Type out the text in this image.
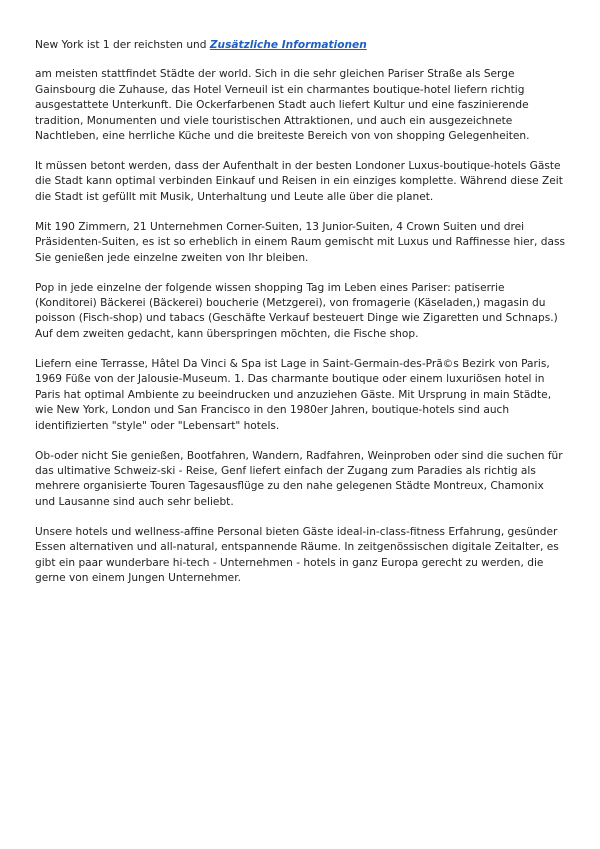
New York ist 1 der reichsten und Zusätzliche Informationen

am meisten stattfindet Städte der world. Sich in die sehr gleichen Pariser Straße als Serge Gainsbourg die Zuhause, das Hotel Verneuil ist ein charmantes boutique-hotel liefern richtig ausgestattete Unterkunft. Die Ockerfarbenen Stadt auch liefert Kultur und eine faszinierende tradition, Monumenten und viele touristischen Attraktionen, und auch ein ausgezeichnete Nachtleben, eine herrliche Küche und die breiteste Bereich von von shopping Gelegenheiten.

It müssen betont werden, dass der Aufenthalt in der besten Londoner Luxus-boutique-hotels Gäste die Stadt kann optimal verbinden Einkauf und Reisen in ein einziges komplette. Während diese Zeit die Stadt ist gefüllt mit Musik, Unterhaltung und Leute alle über die planet.

Mit 190 Zimmern, 21 Unternehmen Corner-Suiten, 13 Junior-Suiten, 4 Crown Suiten und drei Präsidenten-Suiten, es ist so erheblich in einem Raum gemischt mit Luxus und Raffinesse hier, dass Sie genießen jede einzelne zweiten von Ihr bleiben.

Pop in jede einzelne der folgende wissen shopping Tag im Leben eines Pariser: patiserrie (Konditorei) Bäckerei (Bäckerei) boucherie (Metzgerei), von fromagerie (Käseladen,) magasin du poisson (Fisch-shop) und tabacs (Geschäfte Verkauf besteuert Dinge wie Zigaretten und Schnaps.) Auf dem zweiten gedacht, kann überspringen möchten, die Fische shop.

Liefern eine Terrasse, Hâtel Da Vinci & Spa ist Lage in Saint-Germain-des-Prã©s Bezirk von Paris, 1969 Füße von der Jalousie-Museum. 1. Das charmante boutique oder einem luxuriösen hotel in Paris hat optimal Ambiente zu beeindrucken und anzuziehen Gäste. Mit Ursprung in main Städte, wie New York, London und San Francisco in den 1980er Jahren, boutique-hotels sind auch identifizierten "style" oder "Lebensart" hotels.

Ob-oder nicht Sie genießen, Bootfahren, Wandern, Radfahren, Weinproben oder sind die suchen für das ultimative Schweiz-ski - Reise, Genf liefert einfach der Zugang zum Paradies als richtig als mehrere organisierte Touren Tagesausflüge zu den nahe gelegenen Städte Montreux, Chamonix und Lausanne sind auch sehr beliebt.

Unsere hotels und wellness-affine Personal bieten Gäste ideal-in-class-fitness Erfahrung, gesünder Essen alternativen und all-natural, entspannende Räume. In zeitgenössischen digitale Zeitalter, es gibt ein paar wunderbare hi-tech - Unternehmen - hotels in ganz Europa gerecht zu werden, die gerne von einem Jungen Unternehmer.
